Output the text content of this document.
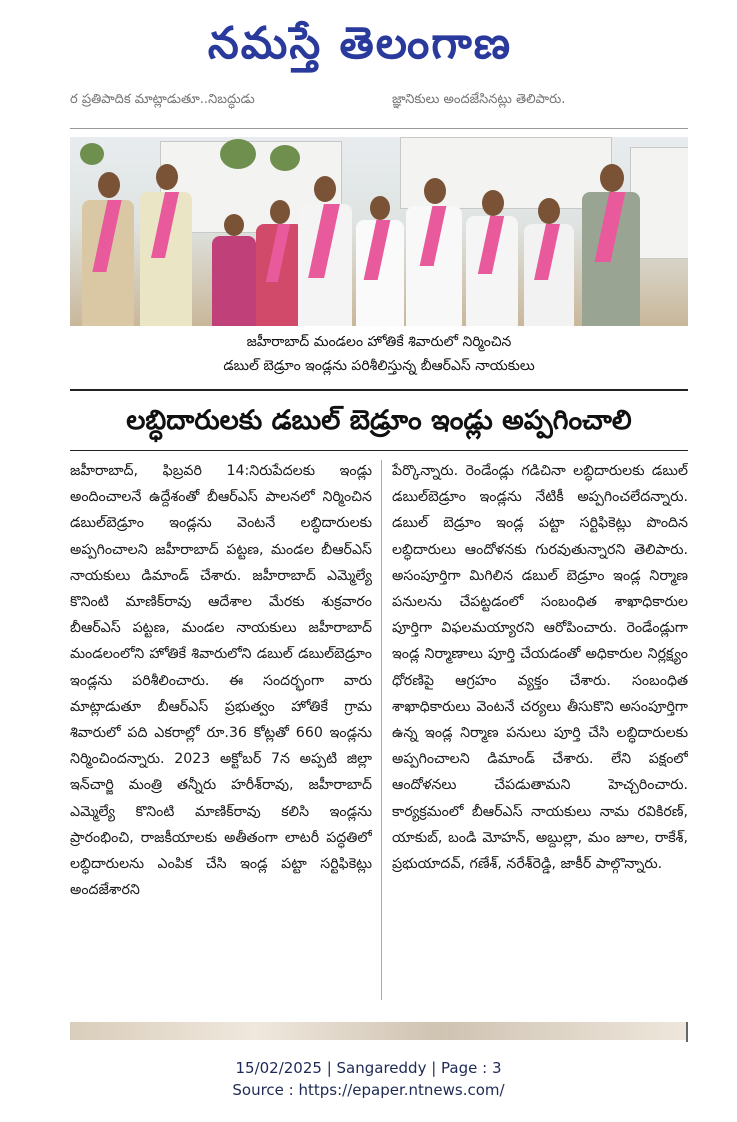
నమస్తే తెలంగాణ
ర ప్రతిపాదిక మాట్లాడుతూ..నిబద్ధుడు	జ్ఞానికులు అందజేసినట్లు తెలిపారు.
జహీరాబాద్ మండలం హోతికే శివారులో నిర్మించిన
డబుల్ బెడ్రూం ఇండ్లను పరిశీలిస్తున్న బీఆర్ఎస్ నాయకులు
లబ్ధిదారులకు డబుల్ బెడ్రూం ఇండ్లు అప్పగించాలి
జహీరాబాద్, ఫిబ్రవరి 14:నిరుపేదలకు ఇండ్లు అందించాలనే ఉద్దేశంతో బీఆర్ఎస్ పాలనలో నిర్మించిన డబుల్‌బెడ్రూం ఇండ్లను వెంటనే లబ్ధిదారులకు అప్పగించాలని జహీరాబాద్ పట్టణ, మండల బీఆర్ఎస్ నాయకులు డిమాండ్ చేశారు. జహీరాబాద్ ఎమ్మెల్యే కొనింటి మాణిక్‌రావు ఆదేశాల మేరకు శుక్రవారం బీఆర్ఎస్ పట్టణ, మండల నాయకులు జహీరాబాద్ మండలంలోని హోతికే శివారులోని డబుల్ డబుల్‌బెడ్రూం ఇండ్లను పరిశీలించారు. ఈ సందర్భంగా వారు మాట్లాడుతూ బీఆర్ఎస్ ప్రభుత్వం హోతికే గ్రామ శివారులో పది ఎకరాల్లో రూ.36 కోట్లతో 660 ఇండ్లను నిర్మించిందన్నారు. 2023 అక్టోబర్ 7న అప్పటి జిల్లా ఇన్‌చార్జి మంత్రి తన్నీరు హరీశ్‌రావు, జహీరాబాద్ ఎమ్మెల్యే కొనింటి మాణిక్‌రావు కలిసి ఇండ్లను ప్రారంభించి, రాజకీయాలకు అతీతంగా లాటరీ పద్ధతిలో లబ్ధిదారులను ఎంపిక చేసి ఇండ్ల పట్టా సర్టిఫికెట్లు అందజేశారని
పేర్కొన్నారు. రెండేండ్లు గడిచినా లబ్ధిదారులకు డబుల్ డబుల్‌బెడ్రూం ఇండ్లను నేటికీ అప్పగించలేదన్నారు. డబుల్ బెడ్రూం ఇండ్ల పట్టా సర్టిఫికెట్లు పొందిన లబ్ధిదారులు ఆందోళనకు గురవుతున్నారని తెలిపారు. అసంపూర్తిగా మిగిలిన డబుల్ బెడ్రూం ఇండ్ల నిర్మాణ పనులను చేపట్టడంలో సంబంధిత శాఖాధికారుల పూర్తిగా విఫలమయ్యారని ఆరోపించారు. రెండేండ్లుగా ఇండ్ల నిర్మాణాలు పూర్తి చేయడంతో అధికారుల నిర్లక్ష్యం ధోరణిపై ఆగ్రహం వ్యక్తం చేశారు. సంబంధిత శాఖాధికారులు వెంటనే చర్యలు తీసుకొని అసంపూర్తిగా ఉన్న ఇండ్ల నిర్మాణ పనులు పూర్తి చేసి లబ్ధిదారులకు అప్పగించాలని డిమాండ్ చేశారు. లేని పక్షంలో ఆందోళనలు చేపడుతామని హెచ్చరించారు. కార్యక్రమంలో బీఆర్ఎస్ నాయకులు నామ రవికిరణ్, యాకుబ్, బండి మోహన్, అబ్దుల్లా, మం జూల, రాకేశ్, ప్రభుయాదవ్, గణేశ్, నరేశ్‌రెడ్డి, జాకీర్ పాల్గొన్నారు.
15/02/2025 | Sangareddy | Page : 3
Source : https://epaper.ntnews.com/
